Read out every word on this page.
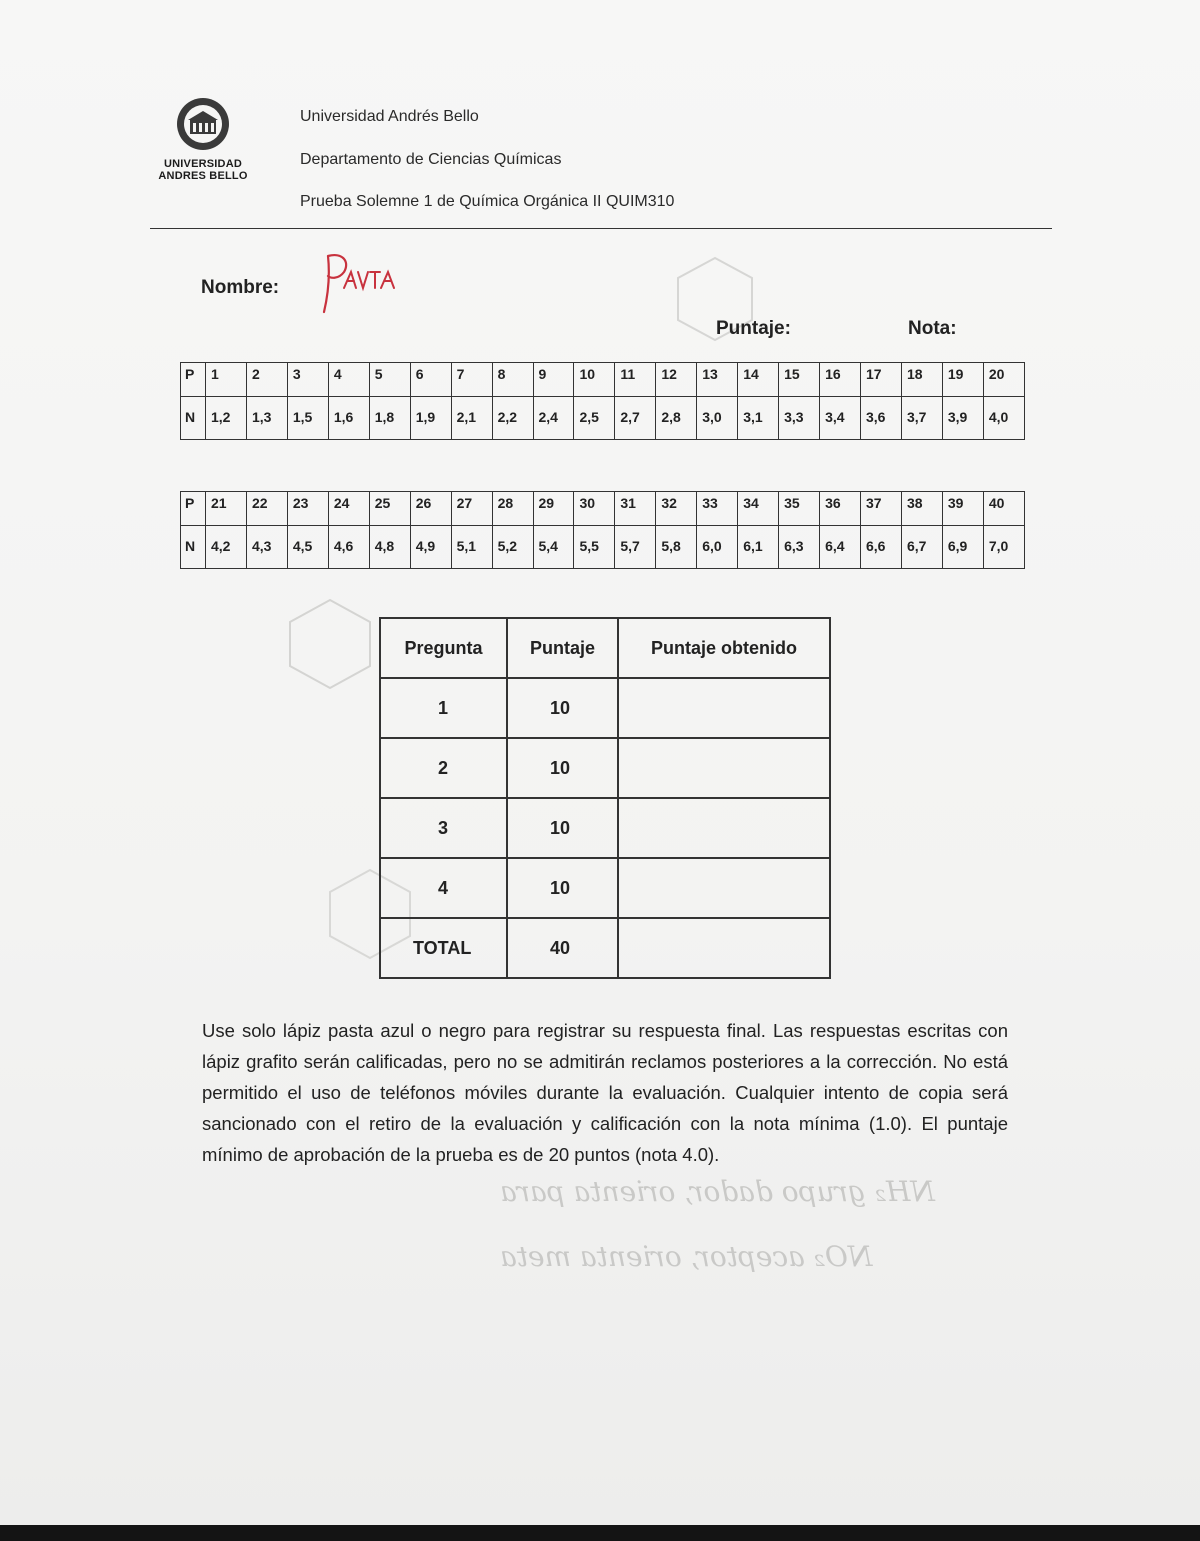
NH₂ grupo dador, orienta para
NO₂ aceptor, orienta meta
UNIVERSIDAD ANDRES BELLO
Universidad Andrés Bello
Departamento de Ciencias Químicas
Prueba Solemne 1 de Química Orgánica II QUIM310
Nombre:
Puntaje:	Nota:
P	1	2	3	4	5	6	7	8	9	10	11	12	13	14	15	16	17	18	19	20
N	1,2	1,3	1,5	1,6	1,8	1,9	2,1	2,2	2,4	2,5	2,7	2,8	3,0	3,1	3,3	3,4	3,6	3,7	3,9	4,0
P	21	22	23	24	25	26	27	28	29	30	31	32	33	34	35	36	37	38	39	40
N	4,2	4,3	4,5	4,6	4,8	4,9	5,1	5,2	5,4	5,5	5,7	5,8	6,0	6,1	6,3	6,4	6,6	6,7	6,9	7,0
Pregunta	Puntaje	Puntaje obtenido
1	10	
2	10	
3	10	
4	10	
TOTAL	40	
Use solo lápiz pasta azul o negro para registrar su respuesta final. Las respuestas escritas con lápiz grafito serán calificadas, pero no se admitirán reclamos posteriores a la corrección. No está permitido el uso de teléfonos móviles durante la evaluación. Cualquier intento de copia será sancionado con el retiro de la evaluación y calificación con la nota mínima (1.0). El puntaje mínimo de aprobación de la prueba es de 20 puntos (nota 4.0).
